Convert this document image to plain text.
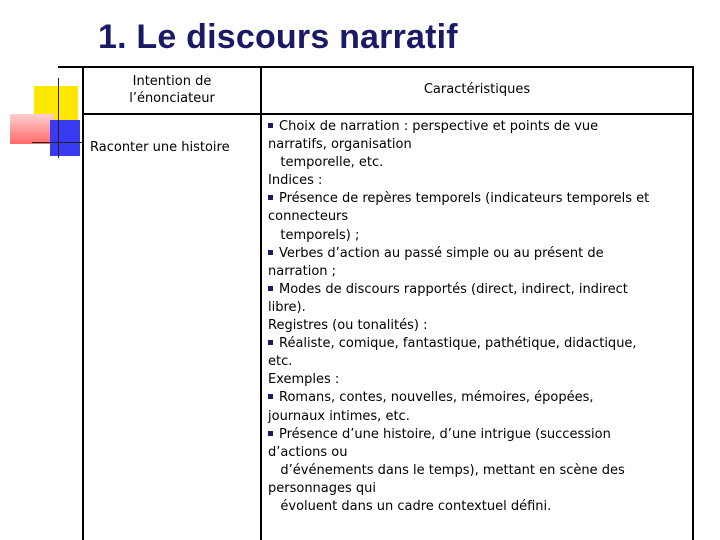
1. Le discours narratif
Intention de
l’énonciateur
Caractéristiques
Raconter une histoire
Choix de narration : perspective et points de vue
narratifs, organisation
temporelle, etc.
Indices :
Présence de repères temporels (indicateurs temporels et
connecteurs
temporels) ;
Verbes d’action au passé simple ou au présent de
narration ;
Modes de discours rapportés (direct, indirect, indirect
libre).
Registres (ou tonalités) :
Réaliste, comique, fantastique, pathétique, didactique,
etc.
Exemples :
Romans, contes, nouvelles, mémoires, épopées,
journaux intimes, etc.
Présence d’une histoire, d’une intrigue (succession
d’actions ou
d’événements dans le temps), mettant en scène des
personnages qui
évoluent dans un cadre contextuel défini.
